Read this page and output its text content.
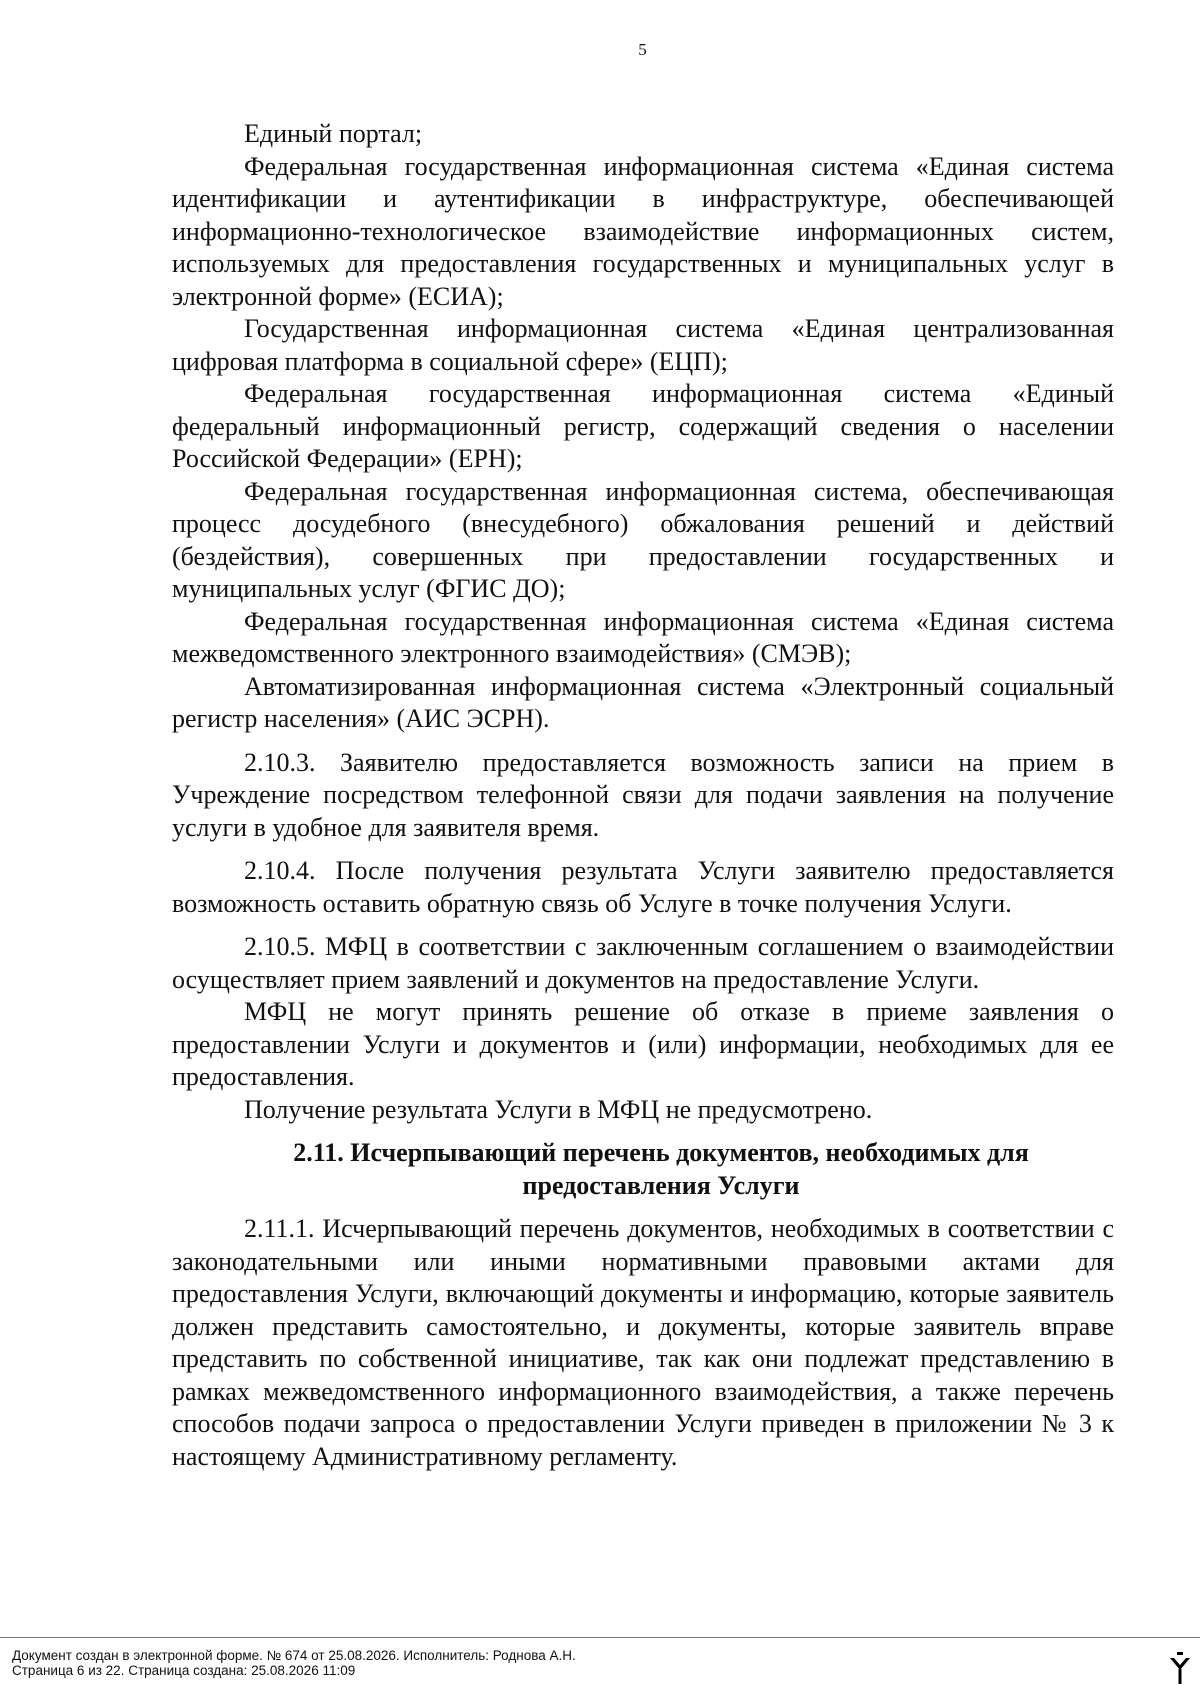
5

Единый портал;

Федеральная государственная информационная система «Единая система идентификации и аутентификации в инфраструктуре, обеспечивающей информационно-технологическое взаимодействие информационных систем, используемых для предоставления государственных и муниципальных услуг в электронной форме» (ЕСИА);

Государственная информационная система «Единая централизованная цифровая платформа в социальной сфере» (ЕЦП);

Федеральная государственная информационная система «Единый федеральный информационный регистр, содержащий сведения о населении Российской Федерации» (ЕРН);

Федеральная государственная информационная система, обеспечивающая процесс досудебного (внесудебного) обжалования решений и действий (бездействия), совершенных при предоставлении государственных и муниципальных услуг (ФГИС ДО);

Федеральная государственная информационная система «Единая система межведомственного электронного взаимодействия» (СМЭВ);

Автоматизированная информационная система «Электронный социальный регистр населения» (АИС ЭСРН).

2.10.3. Заявителю предоставляется возможность записи на прием в Учреждение посредством телефонной связи для подачи заявления на получение услуги в удобное для заявителя время.

2.10.4. После получения результата Услуги заявителю предоставляется возможность оставить обратную связь об Услуге в точке получения Услуги.

2.10.5. МФЦ в соответствии с заключенным соглашением о взаимодействии осуществляет прием заявлений и документов на предоставление Услуги.

МФЦ не могут принять решение об отказе в приеме заявления о предоставлении Услуги и документов и (или) информации, необходимых для ее предоставления.

Получение результата Услуги в МФЦ не предусмотрено.

2.11. Исчерпывающий перечень документов, необходимых для
предоставления Услуги

2.11.1. Исчерпывающий перечень документов, необходимых в соответствии с законодательными или иными нормативными правовыми актами для предоставления Услуги, включающий документы и информацию, которые заявитель должен представить самостоятельно, и документы, которые заявитель вправе представить по собственной инициативе, так как они подлежат представлению в рамках межведомственного информационного взаимодействия, а также перечень способов подачи запроса о предоставлении Услуги приведен в приложении № 3 к настоящему Административному регламенту.

Документ создан в электронной форме. № 674 от 25.08.2026. Исполнитель: Роднова А.Н.
Страница 6 из 22. Страница создана: 25.08.2026 11:09
